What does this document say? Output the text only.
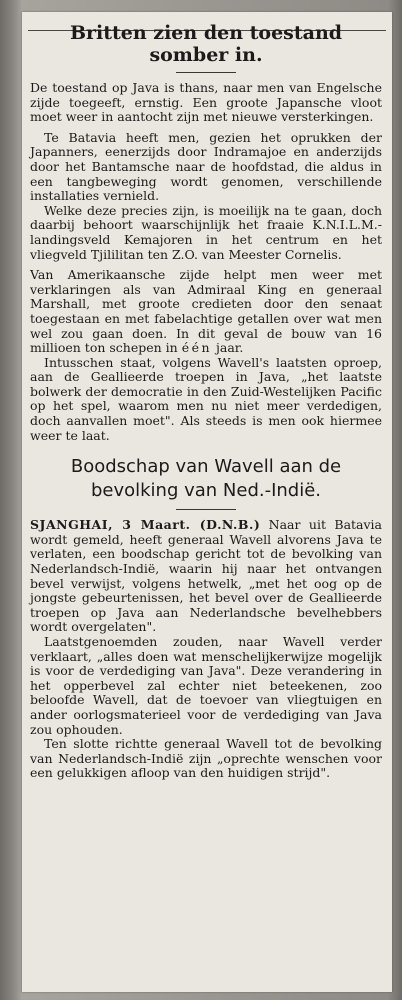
Britten zien den toestand
somber in.

De toestand op Java is thans, naar men van Engelsche zijde toegeeft, ernstig. Een groote Japansche vloot moet weer in aantocht zijn met nieuwe versterkingen.

Te Batavia heeft men, gezien het oprukken der Japanners, eenerzijds door Indramajoe en anderzijds door het Bantamsche naar de hoofdstad, die aldus in een tangbeweging wordt genomen, verschillende installaties vernield.

Welke deze precies zijn, is moeilijk na te gaan, doch daarbij behoort waarschijnlijk het fraaie K.N.I.L.M.-landingsveld Kemajoren in het centrum en het vliegveld Tjililitan ten Z.O. van Meester Cornelis.

Van Amerikaansche zijde helpt men weer met verklaringen als van Admiraal King en generaal Marshall, met groote credieten door den senaat toegestaan en met fabelachtige getallen over wat men wel zou gaan doen. In dit geval de bouw van 16 millioen ton schepen in één jaar.

Intusschen staat, volgens Wavell's laatsten oproep, aan de Geallieerde troepen in Java, „het laatste bolwerk der democratie in den Zuid-Westelijken Pacific op het spel, waarom men nu niet meer verdedigen, doch aanvallen moet". Als steeds is men ook hiermee weer te laat.

Boodschap van Wavell aan de
bevolking van Ned.-Indië.

SJANGHAI, 3 Maart. (D.N.B.) Naar uit Batavia wordt gemeld, heeft generaal Wavell alvorens Java te verlaten, een boodschap gericht tot de bevolking van Nederlandsch-Indië, waarin hij naar het ontvangen bevel verwijst, volgens hetwelk, „met het oog op de jongste gebeurtenissen, het bevel over de Geallieerde troepen op Java aan Nederlandsche bevelhebbers wordt overgelaten".

Laatstgenoemden zouden, naar Wavell verder verklaart, „alles doen wat menschelijkerwijze mogelijk is voor de verdediging van Java". Deze verandering in het opperbevel zal echter niet beteekenen, zoo beloofde Wavell, dat de toevoer van vliegtuigen en ander oorlogsmaterieel voor de verdediging van Java zou ophouden.

Ten slotte richtte generaal Wavell tot de bevolking van Nederlandsch-Indië zijn „oprechte wenschen voor een gelukkigen afloop van den huidigen strijd".
